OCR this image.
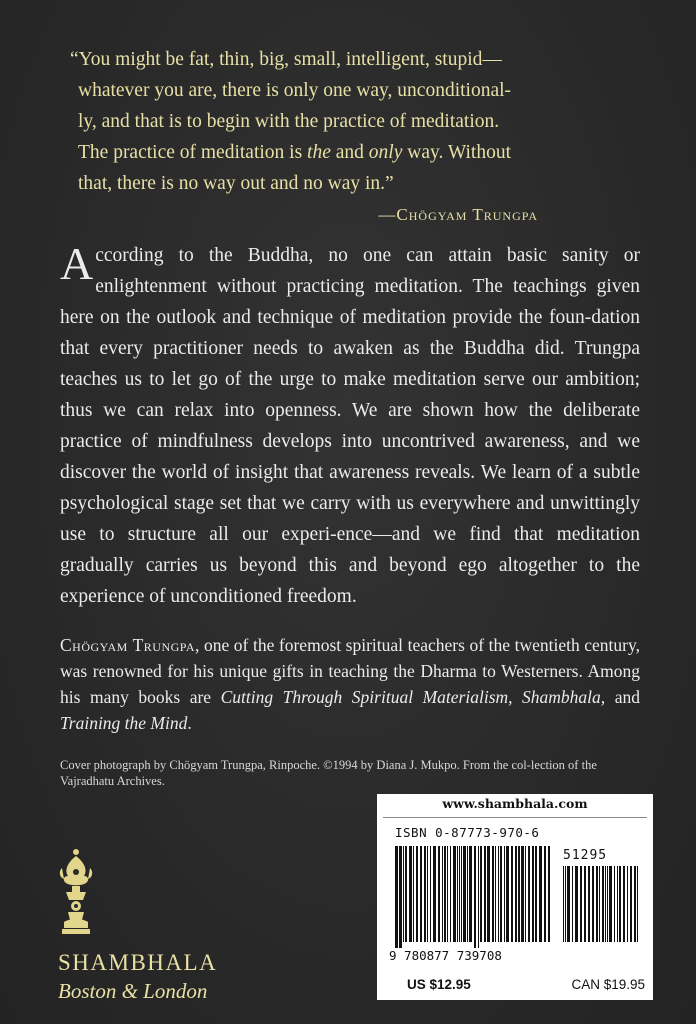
“You might be fat, thin, big, small, intelligent, stupid—
whatever you are, there is only one way, unconditional-
ly, and that is to begin with the practice of meditation.
The practice of meditation is the and only way. Without
that, there is no way out and no way in.”

—Chögyam Trungpa
According to the Buddha, no one can attain basic sanity or enlightenment without practicing meditation. The teachings given here on the outlook and technique of meditation provide the foun-dation that every practitioner needs to awaken as the Buddha did. Trungpa teaches us to let go of the urge to make meditation serve our ambition; thus we can relax into openness. We are shown how the deliberate practice of mindfulness develops into uncontrived awareness, and we discover the world of insight that awareness reveals. We learn of a subtle psychological stage set that we carry with us everywhere and unwittingly use to structure all our experi-ence—and we find that meditation gradually carries us beyond this and beyond ego altogether to the experience of unconditioned freedom.
Chögyam Trungpa, one of the foremost spiritual teachers of the twentieth century, was renowned for his unique gifts in teaching the Dharma to Westerners. Among his many books are Cutting Through Spiritual Materialism, Shambhala, and Training the Mind.
Cover photograph by Chögyam Trungpa, Rinpoche. ©1994 by Diana J. Mukpo. From the col-lection of the Vajradhatu Archives.
SHAMBHALA
Boston & London
www.shambhala.com
ISBN 0-87773-970-6
51295
9 780877 739708
US $12.95	CAN $19.95
